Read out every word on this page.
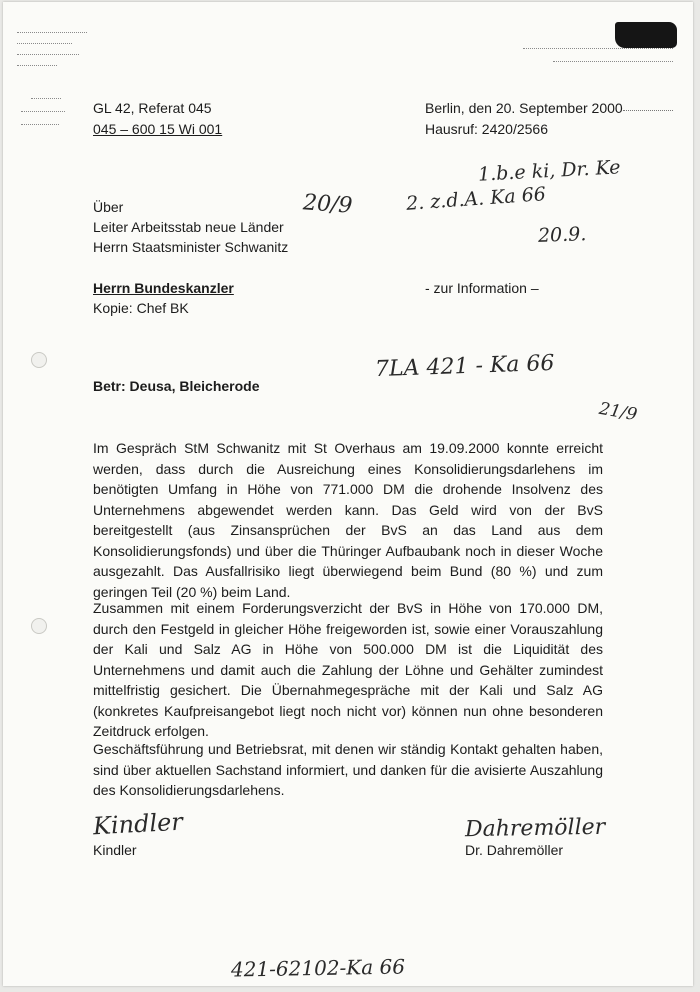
GL 42, Referat 045
045 – 600 15 Wi 001
Berlin, den 20. September 2000
Hausruf: 2420/2566
Über
Leiter Arbeitsstab neue Länder
Herrn Staatsminister Schwanitz
Herrn Bundeskanzler
Kopie: Chef BK
- zur Information –
20/9
1.b.e ki, Dr. Ke
2. z.d.A. Ka 66
20.9.
7LA 421 - Ka 66
21/9
Betr: Deusa, Bleicherode
Im Gespräch StM Schwanitz mit St Overhaus am 19.09.2000 konnte erreicht werden, dass durch die Ausreichung eines Konsolidierungsdarlehens im benötigten Umfang in Höhe von 771.000 DM die drohende Insolvenz des Unternehmens abgewendet werden kann. Das Geld wird von der BvS bereitgestellt (aus Zinsansprüchen der BvS an das Land aus dem Konsolidierungsfonds) und über die Thüringer Aufbaubank noch in dieser Woche ausgezahlt. Das Ausfallrisiko liegt überwiegend beim Bund (80 %) und zum geringen Teil (20 %) beim Land.
Zusammen mit einem Forderungsverzicht der BvS in Höhe von 170.000 DM, durch den Festgeld in gleicher Höhe freigeworden ist, sowie einer Vorauszahlung der Kali und Salz AG in Höhe von 500.000 DM ist die Liquidität des Unternehmens und damit auch die Zahlung der Löhne und Gehälter zumindest mittelfristig gesichert. Die Übernahmegespräche mit der Kali und Salz AG (konkretes Kaufpreisangebot liegt noch nicht vor) können nun ohne besonderen Zeitdruck erfolgen.
Geschäftsführung und Betriebsrat, mit denen wir ständig Kontakt gehalten haben, sind über aktuellen Sachstand informiert, und danken für die avisierte Auszahlung des Konsolidierungsdarlehens.
Kindler
Kindler
Dahremöller
Dr. Dahremöller
421-62102-Ka 66
